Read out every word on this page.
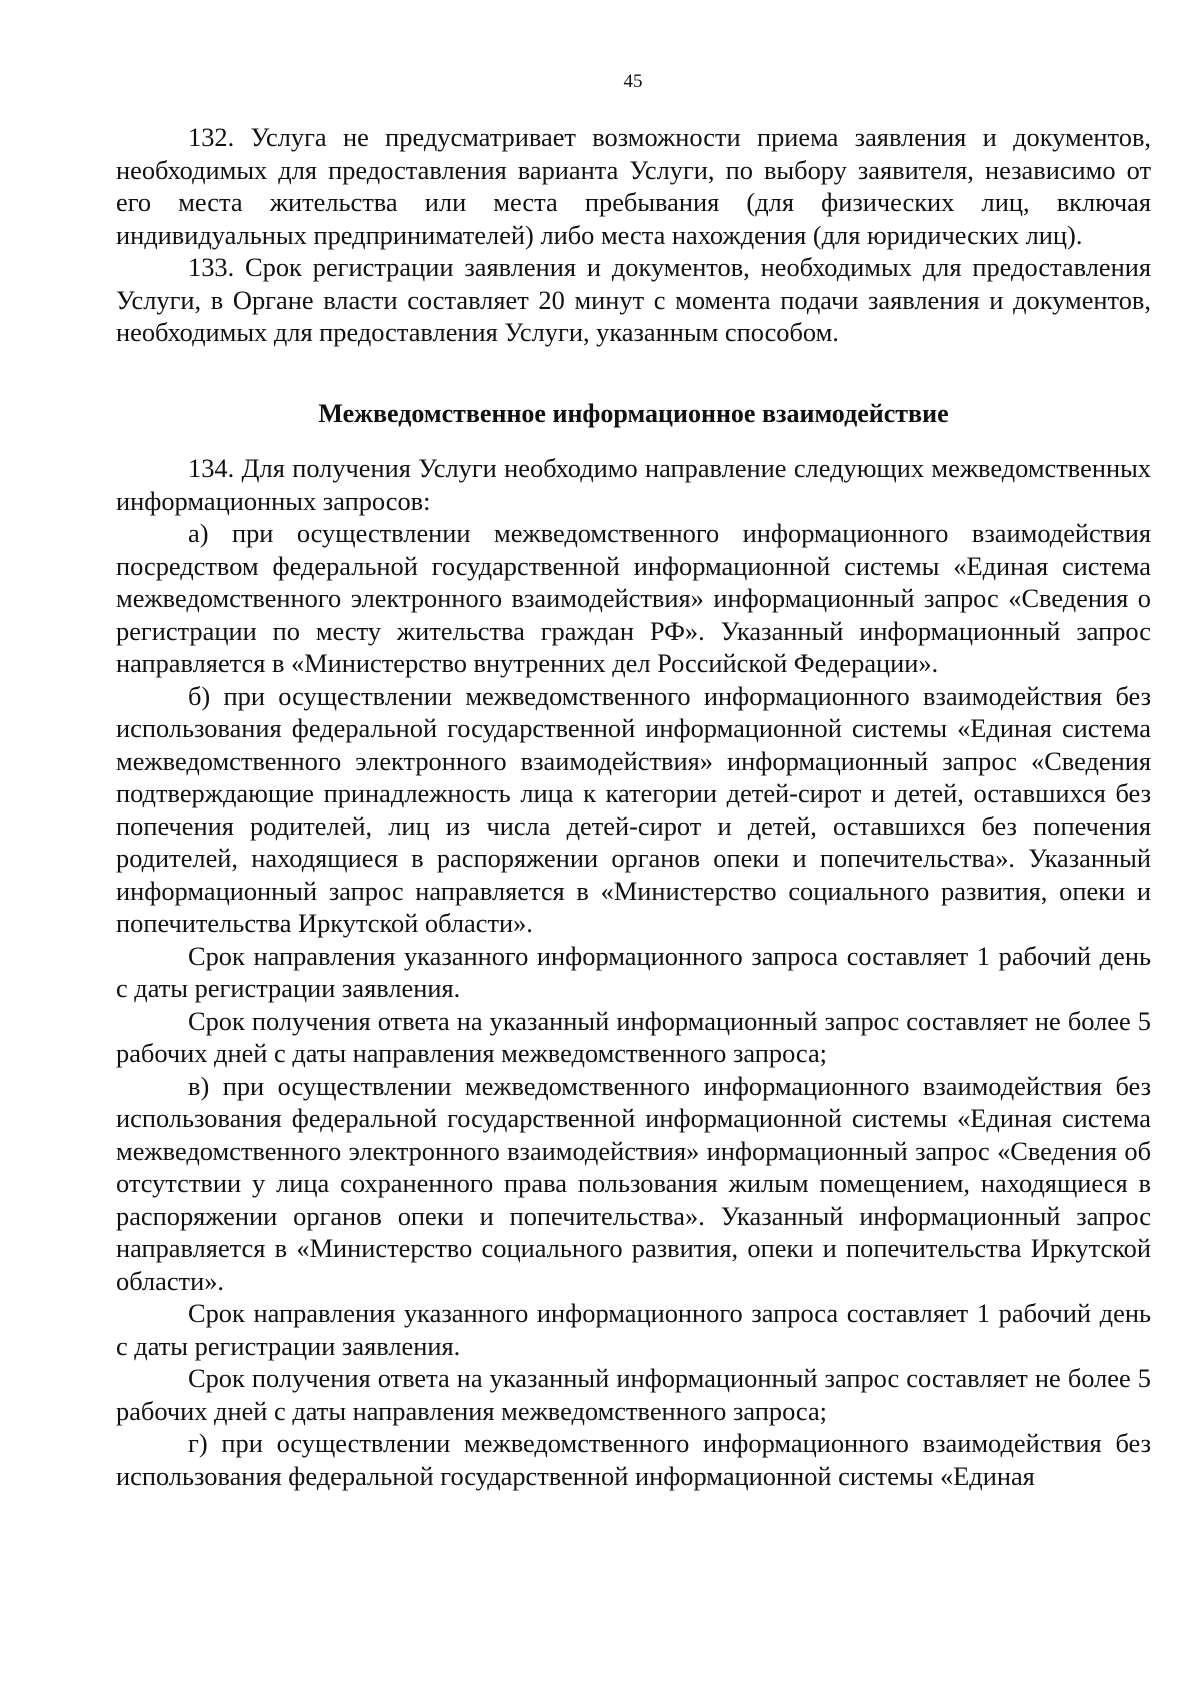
45

132. Услуга не предусматривает возможности приема заявления и документов, необходимых для предоставления варианта Услуги, по выбору заявителя, независимо от его места жительства или места пребывания (для физических лиц, включая индивидуальных предпринимателей) либо места нахождения (для юридических лиц).

133. Срок регистрации заявления и документов, необходимых для предоставления Услуги, в Органе власти составляет 20 минут с момента подачи заявления и документов, необходимых для предоставления Услуги, указанным способом.

Межведомственное информационное взаимодействие

134. Для получения Услуги необходимо направление следующих межведомственных информационных запросов:

а) при осуществлении межведомственного информационного взаимодействия посредством федеральной государственной информационной системы «Единая система межведомственного электронного взаимодействия» информационный запрос «Сведения о регистрации по месту жительства граждан РФ». Указанный информационный запрос направляется в «Министерство внутренних дел Российской Федерации».

б) при осуществлении межведомственного информационного взаимодействия без использования федеральной государственной информационной системы «Единая система межведомственного электронного взаимодействия» информационный запрос «Сведения подтверждающие принадлежность лица к категории детей-сирот и детей, оставшихся без попечения родителей, лиц из числа детей-сирот и детей, оставшихся без попечения родителей, находящиеся в распоряжении органов опеки и попечительства». Указанный информационный запрос направляется в «Министерство социального развития, опеки и попечительства Иркутской области».

Срок направления указанного информационного запроса составляет 1 рабочий день с даты регистрации заявления.

Срок получения ответа на указанный информационный запрос составляет не более 5 рабочих дней с даты направления межведомственного запроса;

в) при осуществлении межведомственного информационного взаимодействия без использования федеральной государственной информационной системы «Единая система межведомственного электронного взаимодействия» информационный запрос «Сведения об отсутствии у лица сохраненного права пользования жилым помещением, находящиеся в распоряжении органов опеки и попечительства». Указанный информационный запрос направляется в «Министерство социального развития, опеки и попечительства Иркутской области».

Срок направления указанного информационного запроса составляет 1 рабочий день с даты регистрации заявления.

Срок получения ответа на указанный информационный запрос составляет не более 5 рабочих дней с даты направления межведомственного запроса;

г) при осуществлении межведомственного информационного взаимодействия без использования федеральной государственной информационной системы «Единая
